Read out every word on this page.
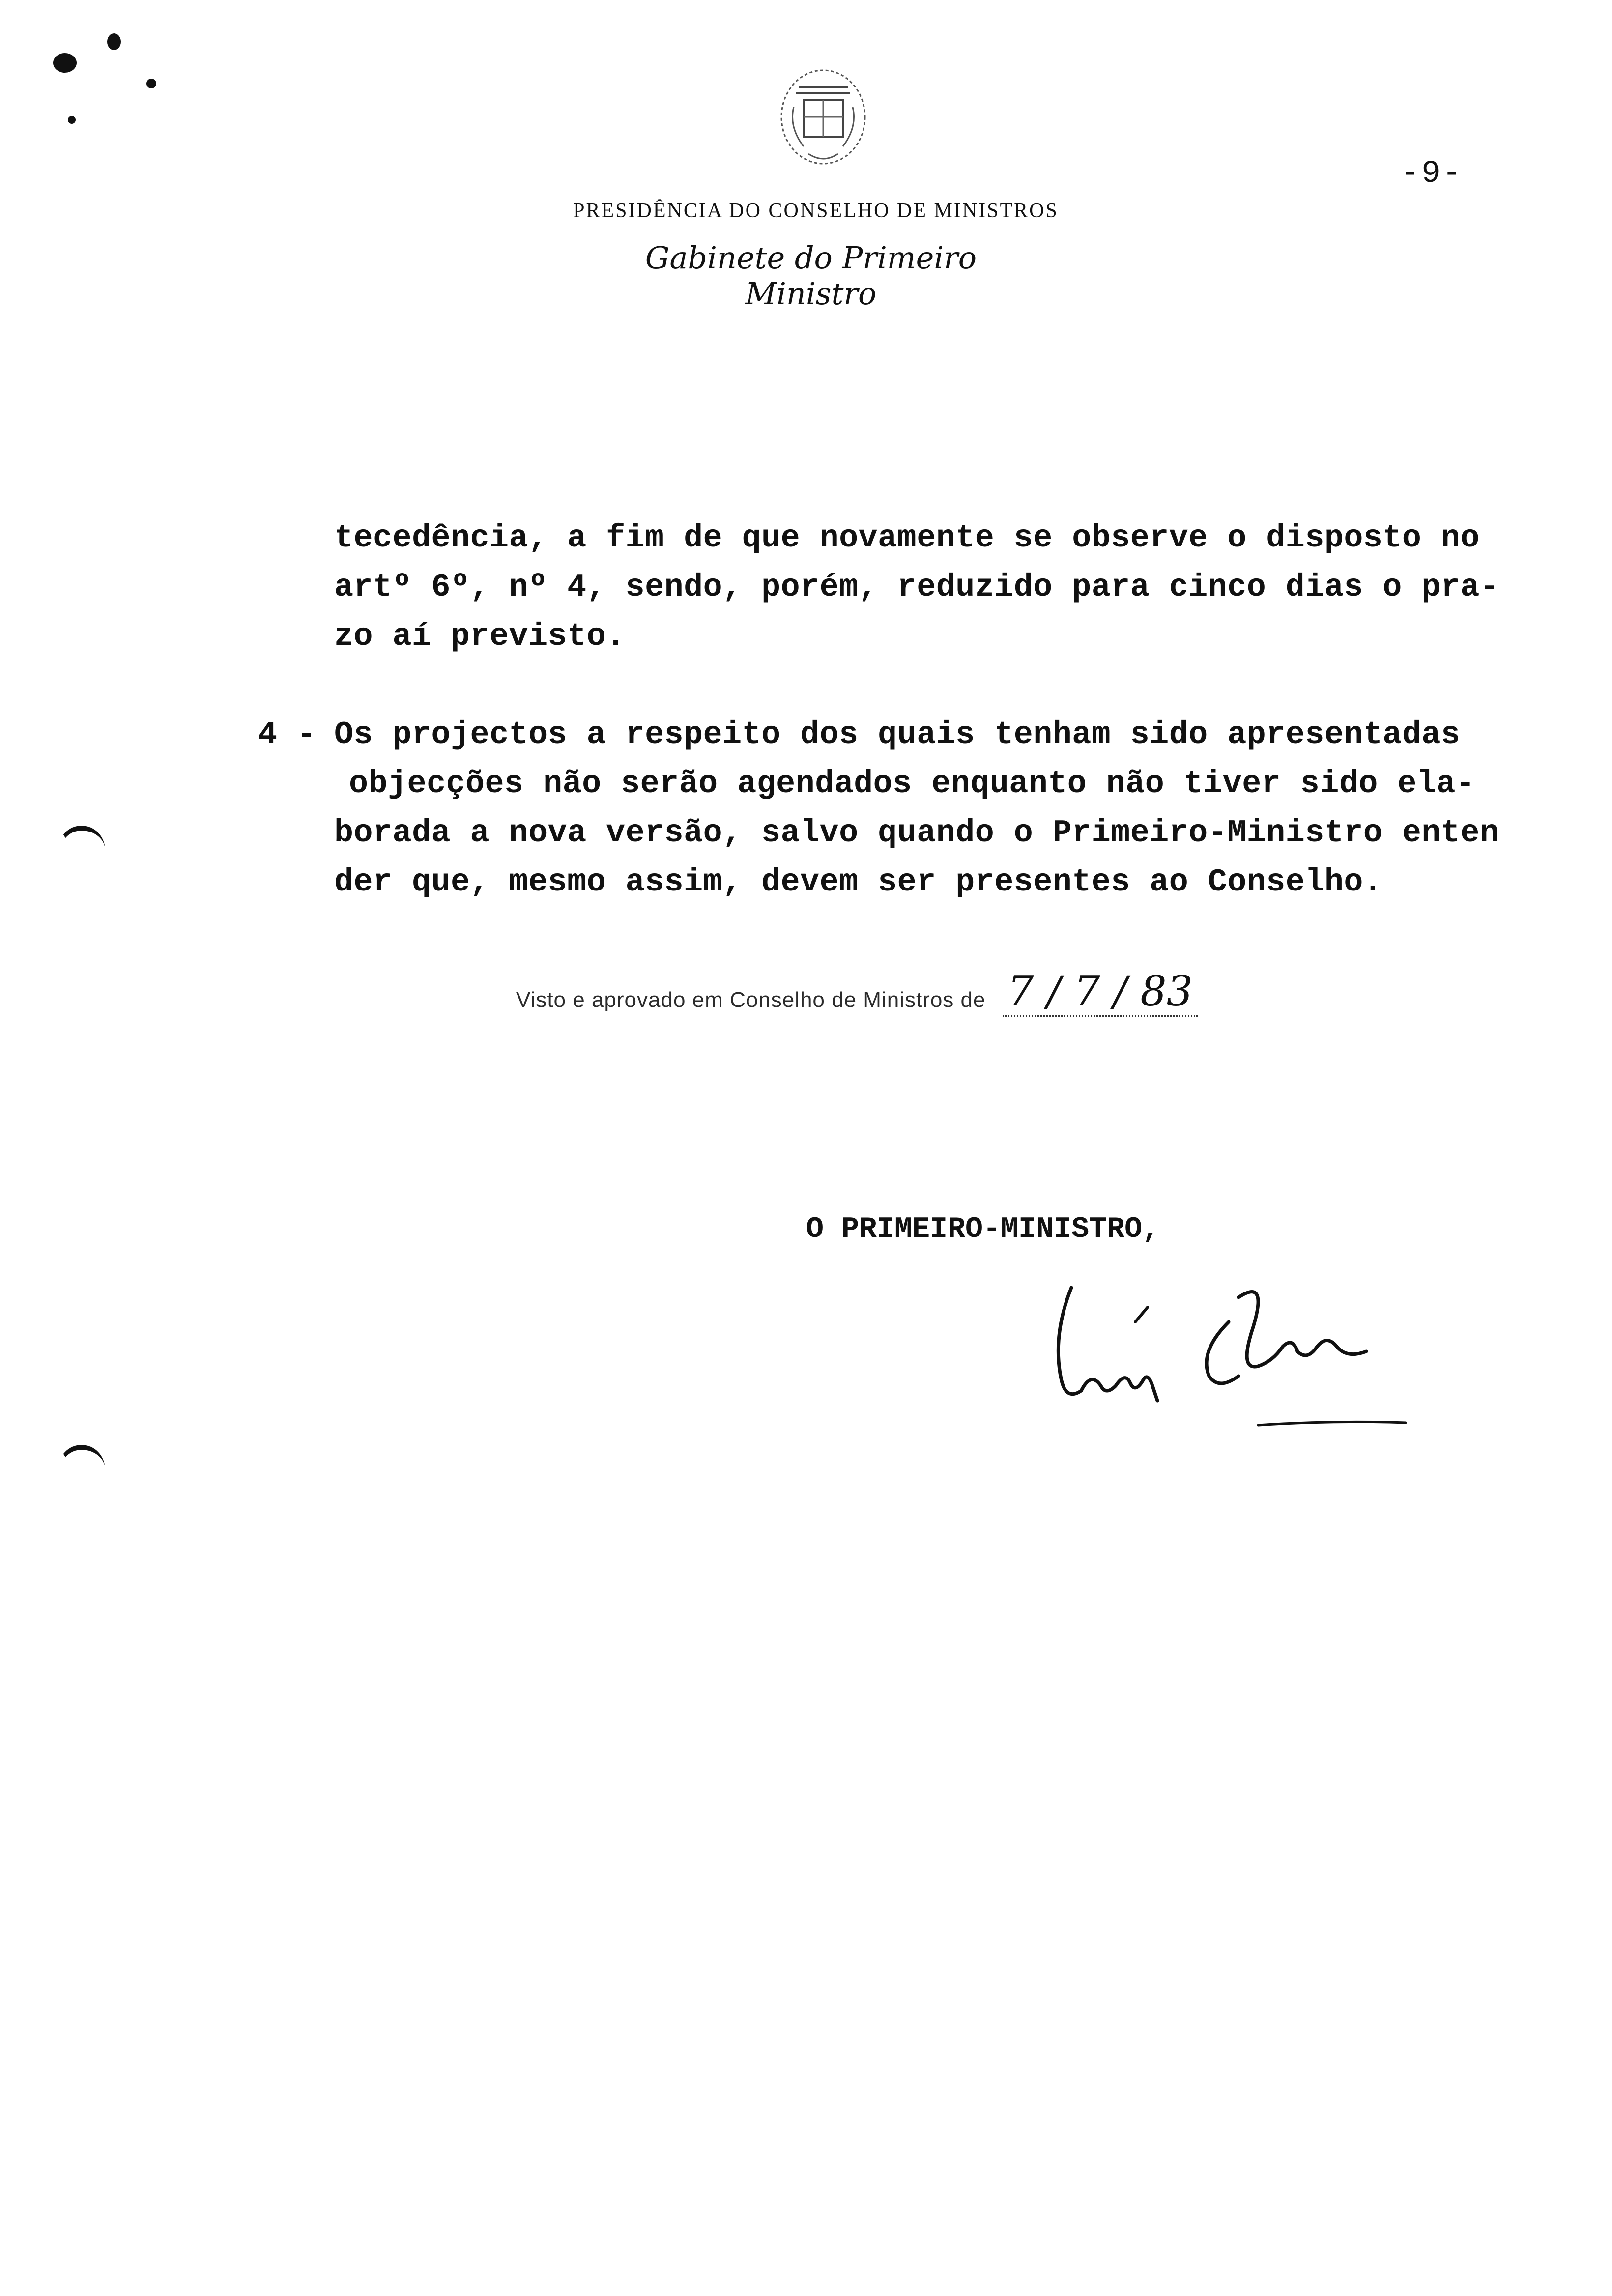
-9-
PRESIDÊNCIA DO CONSELHO DE MINISTROS
Gabinete do Primeiro Ministro
tecedência, a fim de que novamente se observe o disposto no
artº 6º, nº 4, sendo, porém, reduzido para cinco dias o pra-
zo aí previsto.
4 - Os projectos a respeito dos quais tenham sido apresentadas
objecções não serão agendados enquanto não tiver sido ela-
borada a nova versão, salvo quando o Primeiro-Ministro enten
der que, mesmo assim, devem ser presentes ao Conselho.
Visto e aprovado em Conselho de Ministros de 7 / 7 / 83
O PRIMEIRO-MINISTRO,
